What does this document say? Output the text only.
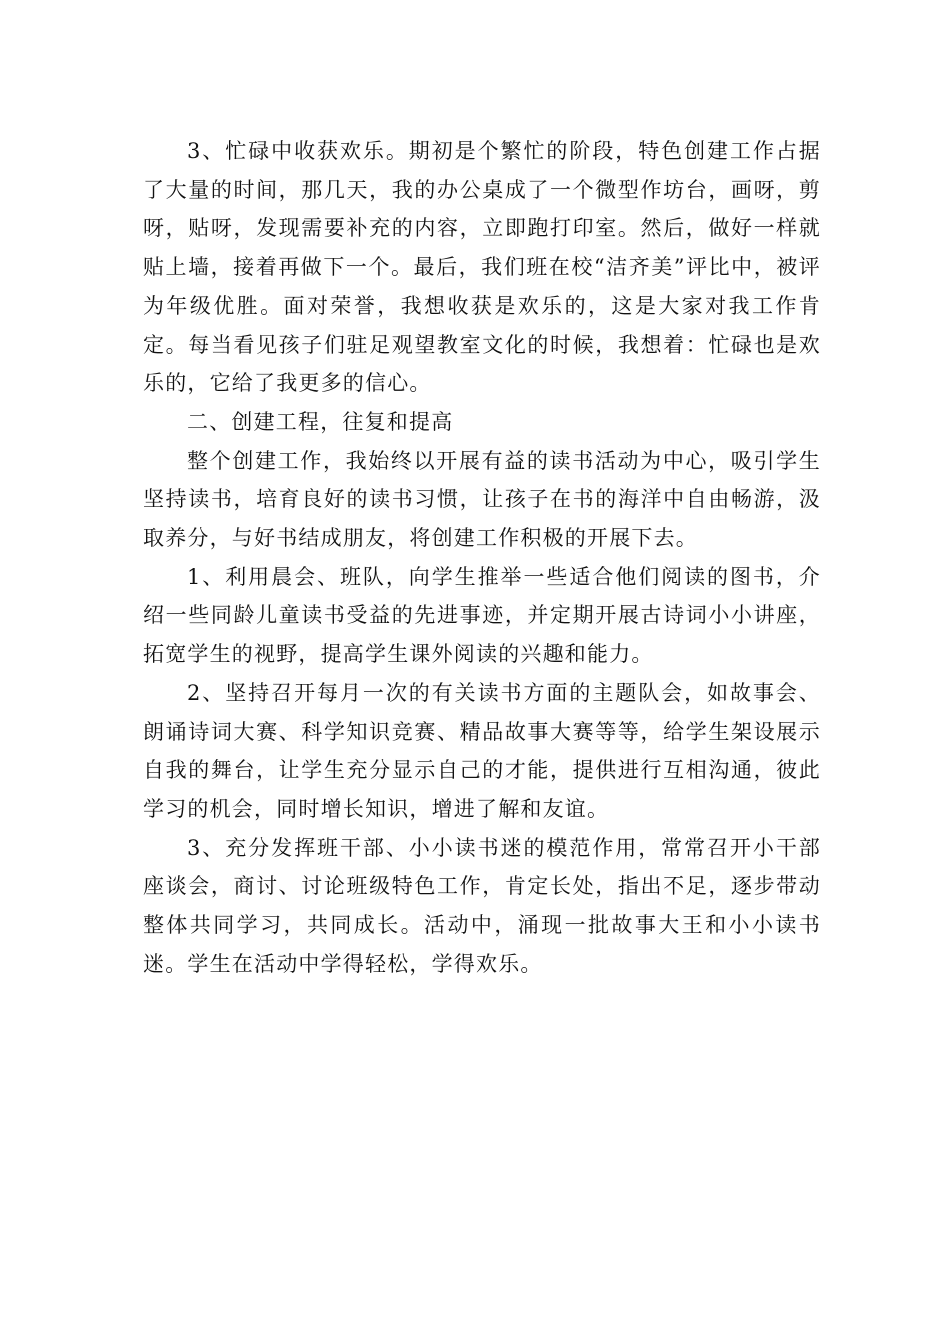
3、忙碌中收获欢乐。期初是个繁忙的阶段，特色创建工作占据了大量的时间，那几天，我的办公桌成了一个微型作坊台，画呀，剪呀，贴呀，发现需要补充的内容，立即跑打印室。然后，做好一样就贴上墙，接着再做下一个。最后，我们班在校“洁齐美”评比中，被评为年级优胜。面对荣誉，我想收获是欢乐的，这是大家对我工作肯定。每当看见孩子们驻足观望教室文化的时候，我想着：忙碌也是欢乐的，它给了我更多的信心。

二、创建工程，往复和提高

整个创建工作，我始终以开展有益的读书活动为中心，吸引学生坚持读书，培育良好的读书习惯，让孩子在书的海洋中自由畅游，汲取养分，与好书结成朋友，将创建工作积极的开展下去。

1、利用晨会、班队，向学生推举一些适合他们阅读的图书，介绍一些同龄儿童读书受益的先进事迹，并定期开展古诗词小小讲座，拓宽学生的视野，提高学生课外阅读的兴趣和能力。

2、坚持召开每月一次的有关读书方面的主题队会，如故事会、朗诵诗词大赛、科学知识竞赛、精品故事大赛等等，给学生架设展示自我的舞台，让学生充分显示自己的才能，提供进行互相沟通，彼此学习的机会，同时增长知识，增进了解和友谊。

3、充分发挥班干部、小小读书迷的模范作用，常常召开小干部座谈会，商讨、讨论班级特色工作，肯定长处，指出不足，逐步带动整体共同学习，共同成长。活动中，涌现一批故事大王和小小读书迷。学生在活动中学得轻松，学得欢乐。
